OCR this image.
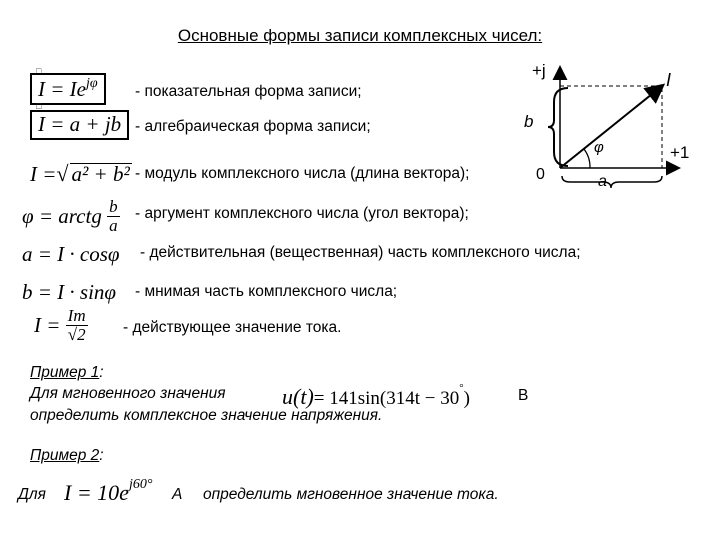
Основные формы записи комплексных чисел:
□
$I = Ie^{j\varphi}$	- показательная форма записи;
□
I = a + jb - алгебраическая форма записи;
I =√ a² + b² - модуль комплексного числа (длина вектора);
φ = arctg $\frac{b}{a}$ - аргумент комплексного числа (угол вектора);
a = I · cosφ - действительная (вещественная) часть комплексного числа;
b = I · sinφ - мнимая часть комплексного числа;
$I = \frac{Im}{√2}$ - действующее значение тока.
+j
+1
I
b
a
φ
0
Пример 1:
Для мгновенного значения	u(t)= 141sin(314t − 30°)	В
определить комплексное значение напряжения.
Пример 2:
Для $I = 10e^{j60^\circ}$
А определить мгновенное значение тока.
